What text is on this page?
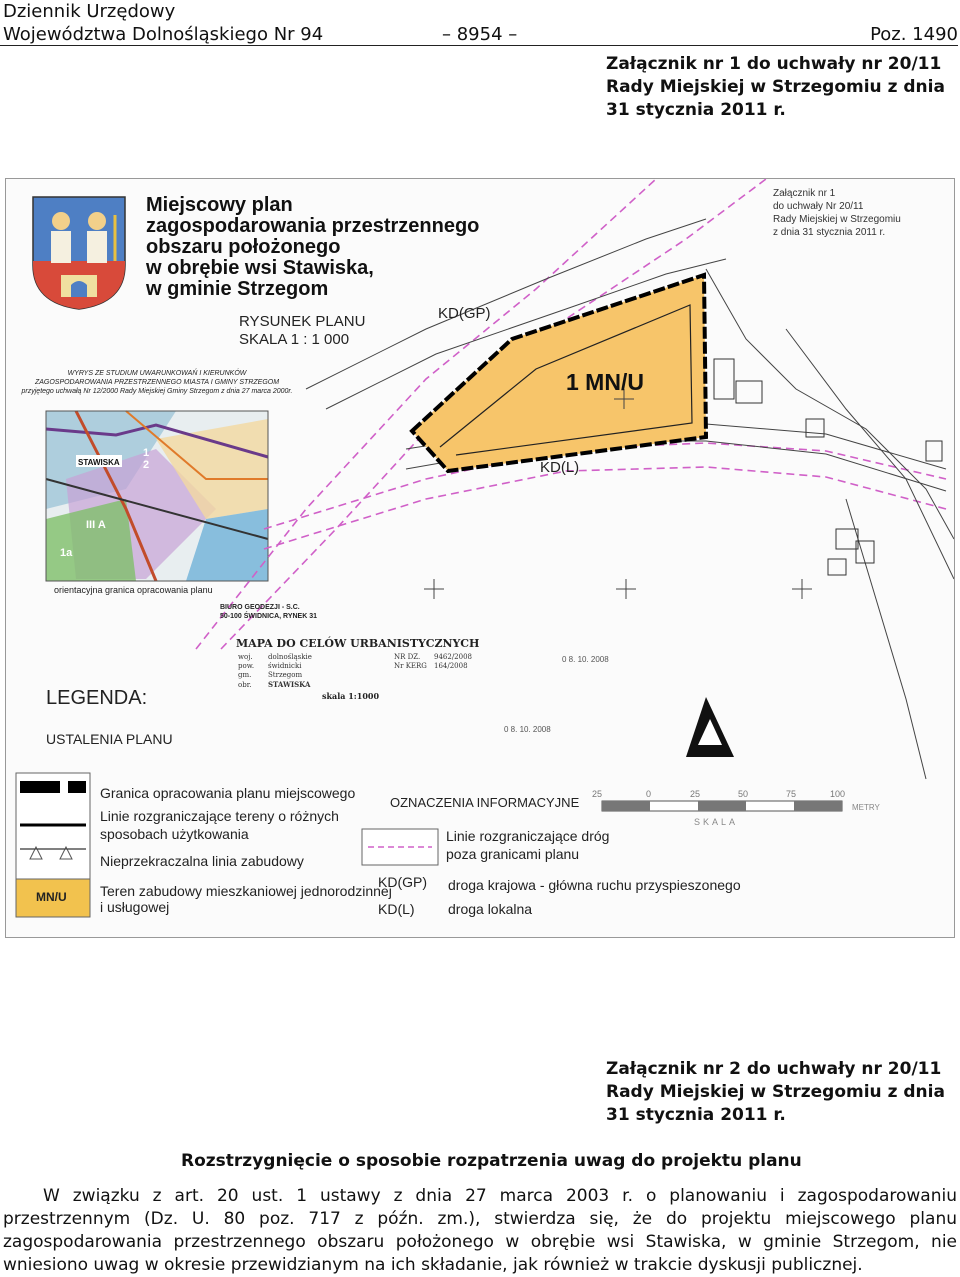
Dziennik Urzędowy
Województwa Dolnośląskiego Nr 94	– 8954 –	Poz. 1490
Załącznik nr 1 do uchwały nr 20/11
Rady Miejskiej w Strzegomiu z dnia
31 stycznia 2011 r.
Miejscowy plan
zagospodarowania przestrzennego
obszaru położonego
w obrębie wsi Stawiska,
w gminie Strzegom
RYSUNEK PLANU
SKALA 1 : 1 000
Załącznik nr 1
do uchwały Nr 20/11
Rady Miejskiej w Strzegomiu
z dnia 31 stycznia 2011 r.
KD(GP)
KD(L)
1 MN/U
WYRYS ZE STUDIUM UWARUNKOWAŃ I KIERUNKÓW
ZAGOSPODAROWANIA PRZESTRZENNEGO MIASTA I GMINY STRZEGOM
przyjętego uchwałą Nr 12/2000 Rady Miejskiej Gminy Strzegom z dnia 27 marca 2000r.
STAWISKA
III A
1a
2
1
orientacyjna granica opracowania planu
BIURO GEODEZJI - S.C.
50-100 ŚWIDNICA, RYNEK 31
MAPA DO CELÓW URBANISTYCZNYCH
woj. dolnośląskie	NR DZ. 9462/2008
pow. świdnicki	Nr KERG 164/2008
gm. Strzegom
obr. STAWISKA
skala 1:1000
0 8. 10. 2008
0 8. 10. 2008
LEGENDA:
USTALENIA PLANU
Granica opracowania planu miejscowego
Linie rozgraniczające tereny o różnych
sposobach użytkowania
Nieprzekraczalna linia zabudowy
Teren zabudowy mieszkaniowej jednorodzinnej
i usługowej
MN/U
OZNACZENIA INFORMACYJNE
Linie rozgraniczające dróg
poza granicami planu
KD(GP) droga krajowa - główna ruchu przyspieszonego
KD(L) droga lokalna
25	0	25	50	75	100
METRY
SKALA
Załącznik nr 2 do uchwały nr 20/11
Rady Miejskiej w Strzegomiu z dnia
31 stycznia 2011 r.
Rozstrzygnięcie o sposobie rozpatrzenia uwag do projektu planu
W związku z art. 20 ust. 1 ustawy z dnia 27 marca 2003 r. o planowaniu i zagospodarowaniu przestrzennym (Dz. U. 80 poz. 717 z późn. zm.), stwierdza się, że do projektu miejscowego planu zagospodarowania przestrzennego obszaru położonego w obrębie wsi Stawiska, w gminie Strzegom, nie wniesiono uwag w okresie przewidzianym na ich składanie, jak również w trakcie dyskusji publicznej.
